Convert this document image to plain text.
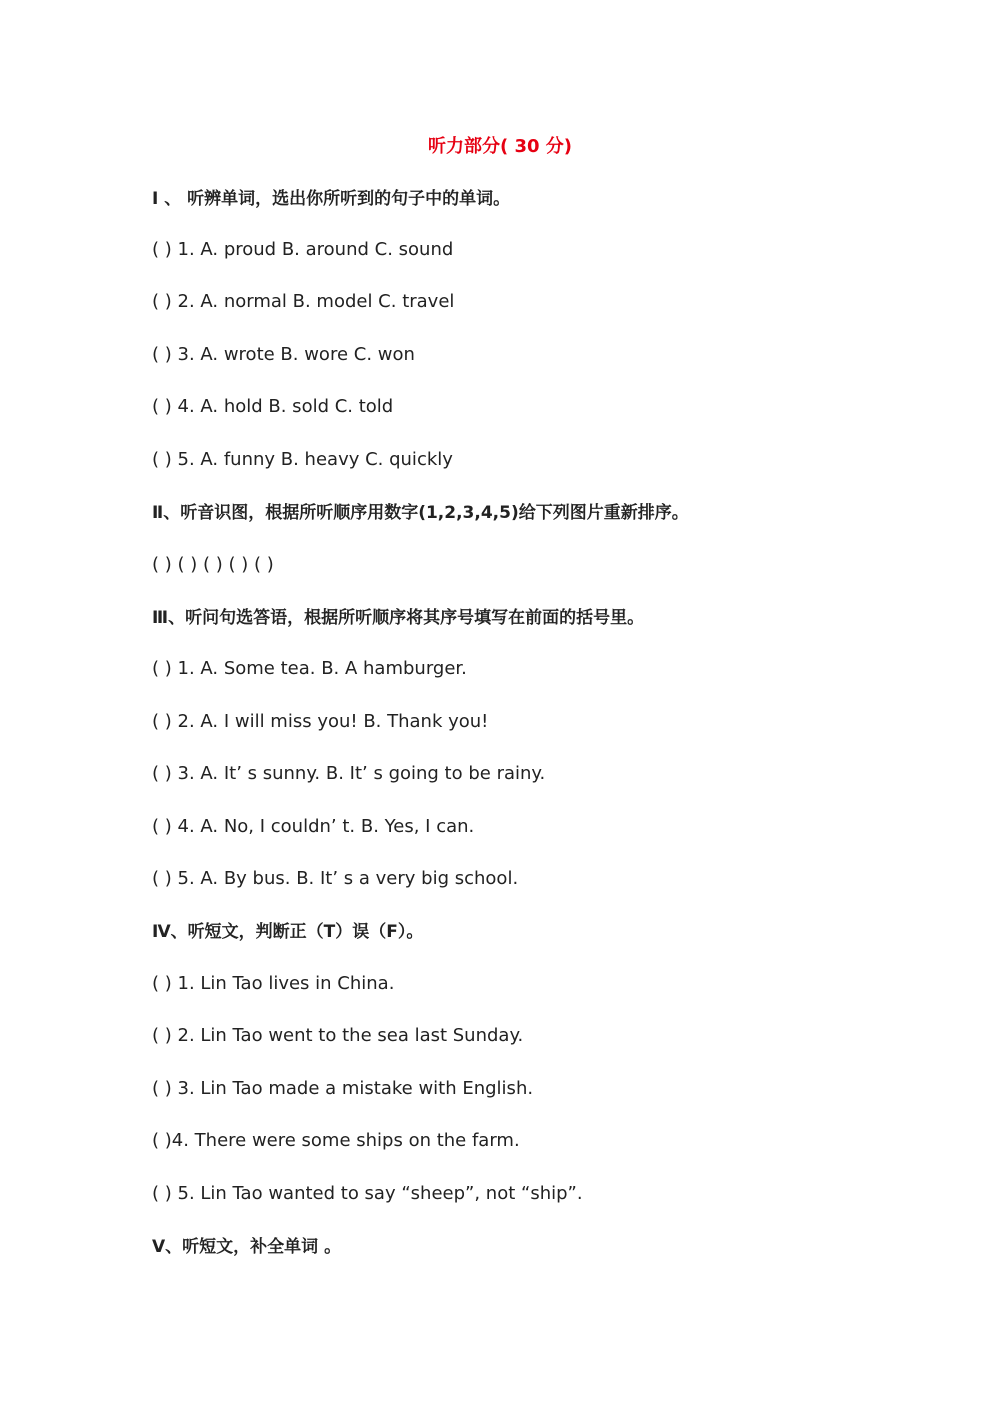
听力部分( 30 分)
Ⅰ 、 听辨单词，选出你所听到的句子中的单词。
( ) 1. A. proud B. around C. sound
( ) 2. A. normal B. model C. travel
( ) 3. A. wrote B. wore C. won
( ) 4. A. hold B. sold C. told
( ) 5. A. funny B. heavy C. quickly
Ⅱ、听音识图，根据所听顺序用数字(1,2,3,4,5)给下列图片重新排序。
( ) ( ) ( ) ( ) ( )
Ⅲ、听问句选答语，根据所听顺序将其序号填写在前面的括号里。
( ) 1. A. Some tea. B. A hamburger.
( ) 2. A. I will miss you! B. Thank you!
( ) 3. A. It’ s sunny. B. It’ s going to be rainy.
( ) 4. A. No, I couldn’ t. B. Yes, I can.
( ) 5. A. By bus. B. It’ s a very big school.
Ⅳ、听短文，判断正（T）误（F）。
( ) 1. Lin Tao lives in China.
( ) 2. Lin Tao went to the sea last Sunday.
( ) 3. Lin Tao made a mistake with English.
( )4. There were some ships on the farm.
( ) 5. Lin Tao wanted to say “sheep”, not “ship”.
Ⅴ、听短文，补全单词 。
